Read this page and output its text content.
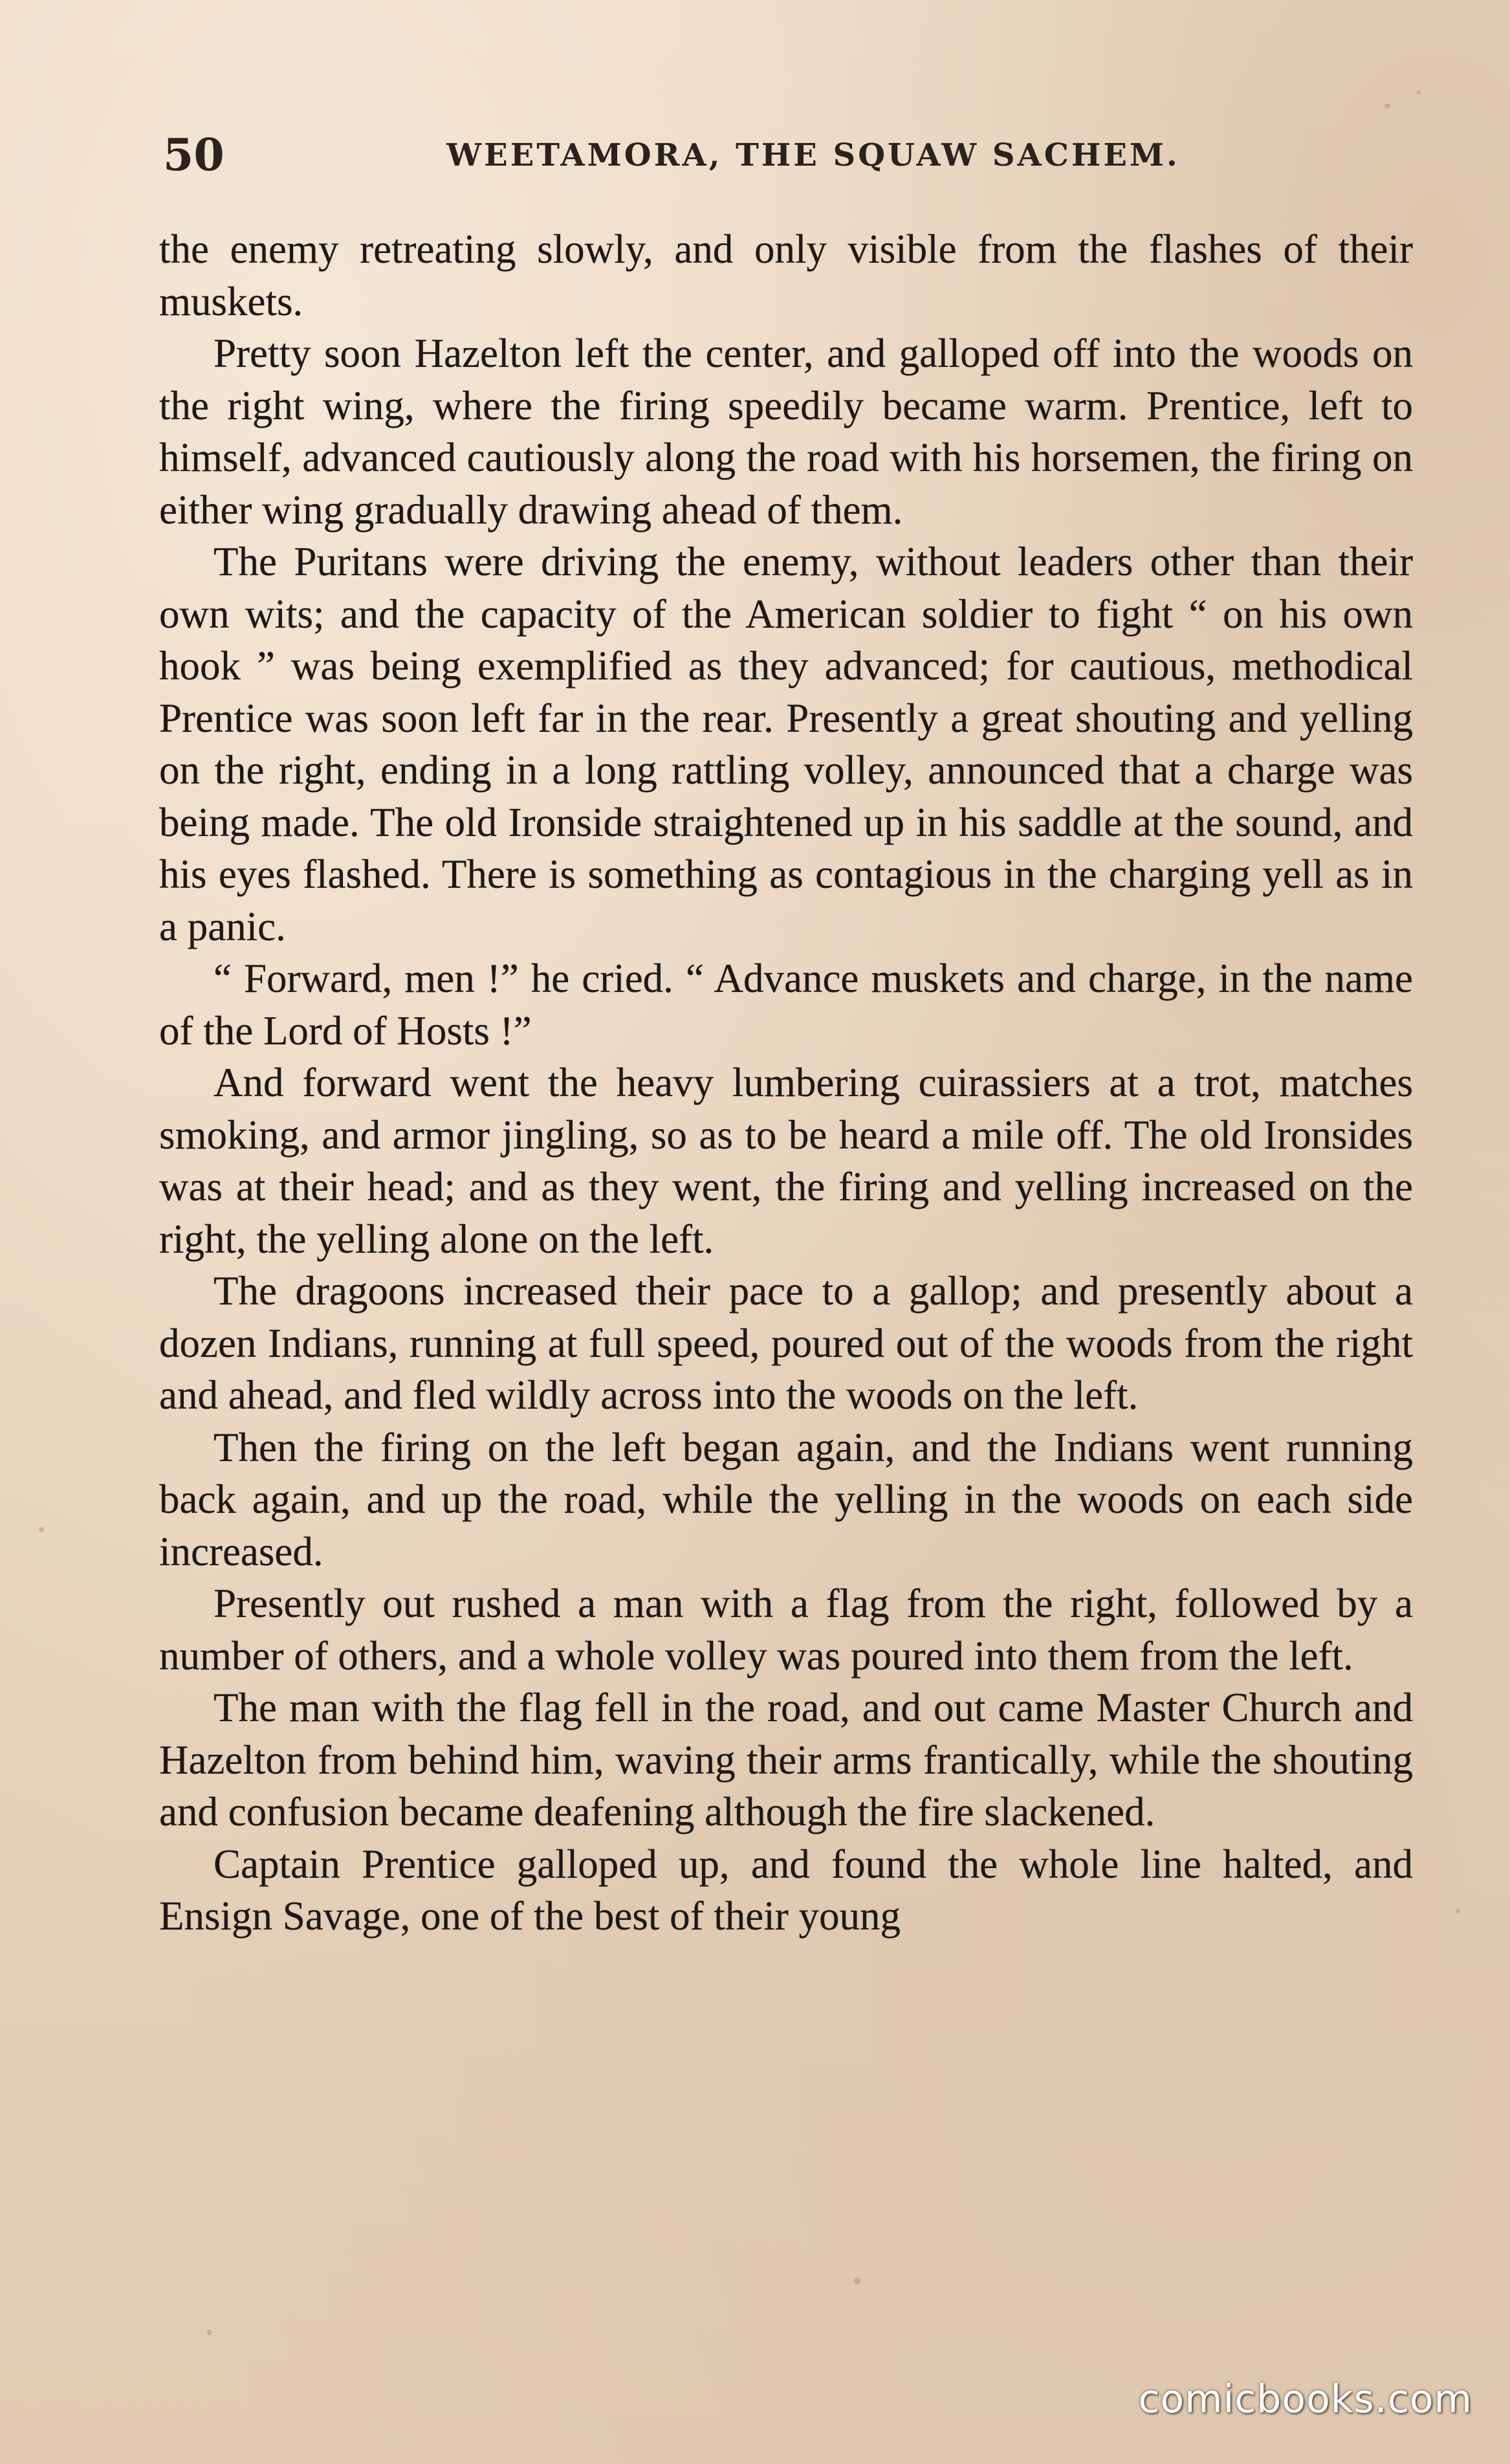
50	WEETAMORA, THE SQUAW SACHEM.

the enemy retreating slowly, and only visible from the flashes of their muskets.

Pretty soon Hazelton left the center, and galloped off into the woods on the right wing, where the firing speedily became warm. Prentice, left to himself, advanced cautiously along the road with his horsemen, the firing on either wing gradually drawing ahead of them.

The Puritans were driving the enemy, without leaders other than their own wits; and the capacity of the American soldier to fight “ on his own hook ” was being exemplified as they advanced; for cautious, methodical Prentice was soon left far in the rear. Presently a great shouting and yelling on the right, ending in a long rattling volley, announced that a charge was being made. The old Ironside straightened up in his saddle at the sound, and his eyes flashed. There is something as contagious in the charging yell as in a panic.

“ Forward, men !” he cried. “ Advance muskets and charge, in the name of the Lord of Hosts !”

And forward went the heavy lumbering cuirassiers at a trot, matches smoking, and armor jingling, so as to be heard a mile off. The old Ironsides was at their head; and as they went, the firing and yelling increased on the right, the yelling alone on the left.

The dragoons increased their pace to a gallop; and presently about a dozen Indians, running at full speed, poured out of the woods from the right and ahead, and fled wildly across into the woods on the left.

Then the firing on the left began again, and the Indians went running back again, and up the road, while the yelling in the woods on each side increased.

Presently out rushed a man with a flag from the right, followed by a number of others, and a whole volley was poured into them from the left.

The man with the flag fell in the road, and out came Master Church and Hazelton from behind him, waving their arms frantically, while the shouting and confusion became deafening although the fire slackened.

Captain Prentice galloped up, and found the whole line halted, and Ensign Savage, one of the best of their young

comicbooks.com
